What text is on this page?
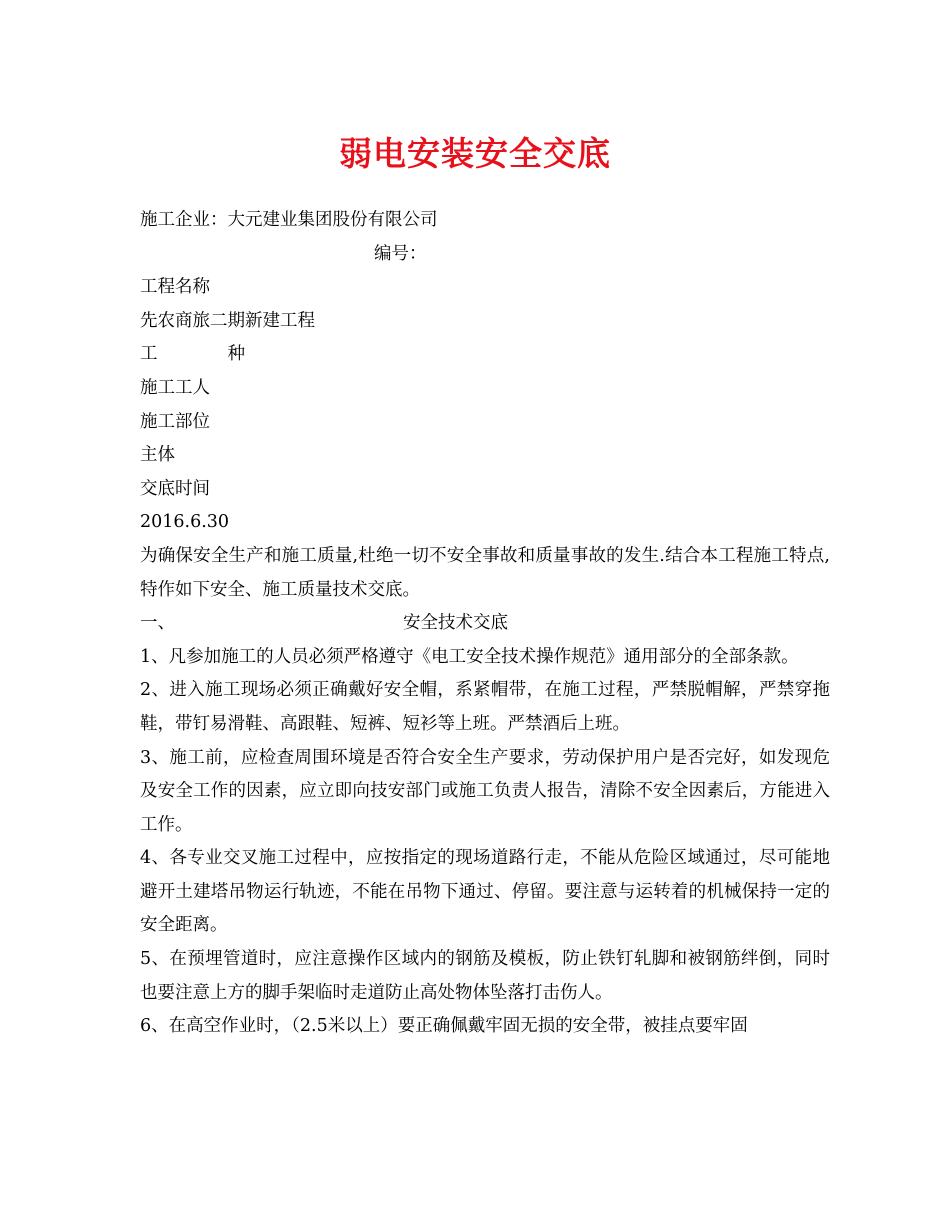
弱电安装安全交底
施工企业：大元建业集团股份有限公司
编号：
工程名称
先农商旅二期新建工程
工	种
施工工人
施工部位
主体
交底时间
2016.6.30
为确保安全生产和施工质量,杜绝一切不安全事故和质量事故的发生.结合本工程施工特点,特作如下安全、施工质量技术交底。
一、	安全技术交底
1、凡参加施工的人员必须严格遵守《电工安全技术操作规范》通用部分的全部条款。
2、进入施工现场必须正确戴好安全帽，系紧帽带，在施工过程，严禁脱帽解，严禁穿拖鞋，带钉易滑鞋、高跟鞋、短裤、短衫等上班。严禁酒后上班。
3、施工前，应检查周围环境是否符合安全生产要求，劳动保护用户是否完好，如发现危及安全工作的因素，应立即向技安部门或施工负责人报告，清除不安全因素后，方能进入工作。
4、各专业交叉施工过程中，应按指定的现场道路行走，不能从危险区域通过，尽可能地避开土建塔吊物运行轨迹，不能在吊物下通过、停留。要注意与运转着的机械保持一定的安全距离。
5、在预埋管道时，应注意操作区域内的钢筋及模板，防止铁钉轧脚和被钢筋绊倒，同时也要注意上方的脚手架临时走道防止高处物体坠落打击伤人。
6、在高空作业时，（2.5米以上）要正确佩戴牢固无损的安全带，被挂点要牢固
